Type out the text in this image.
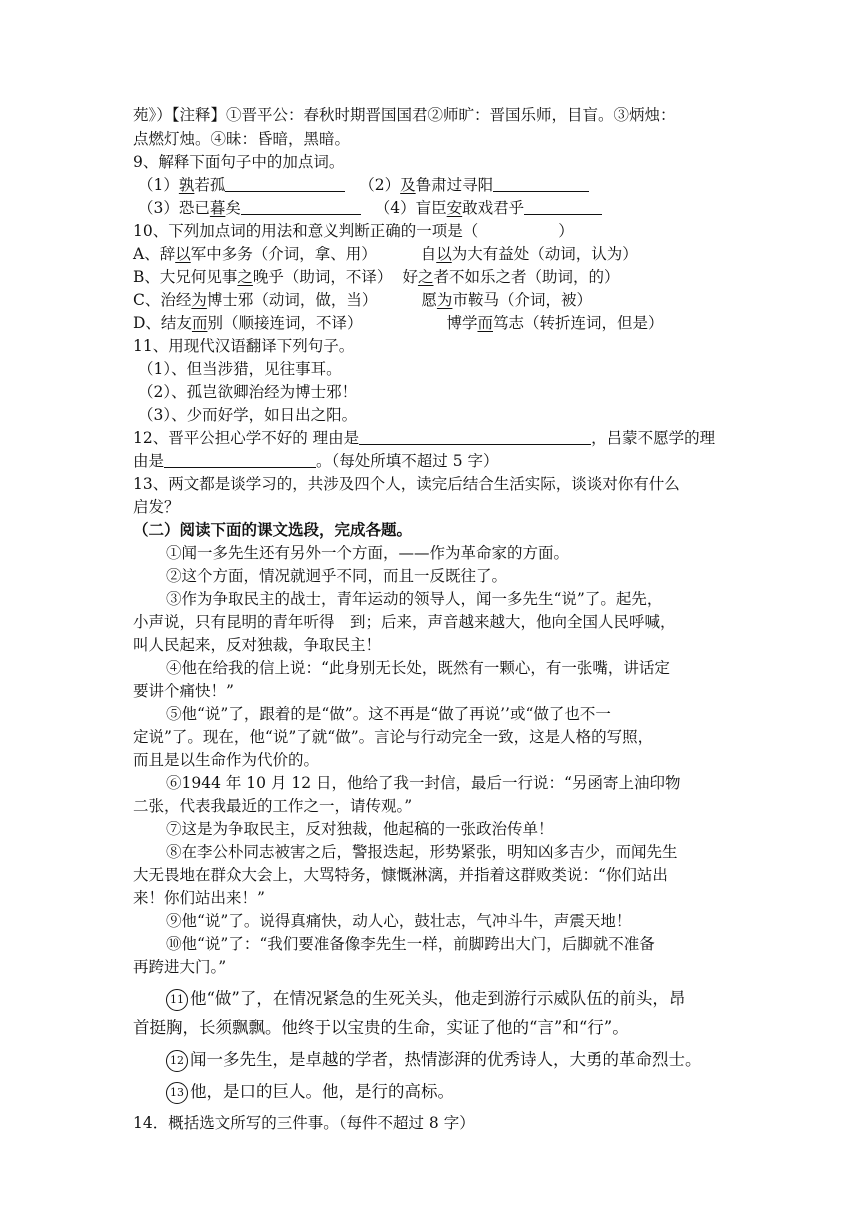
苑》）【注释】①晋平公：春秋时期晋国国君②师旷：晋国乐师，目盲。③炳烛：
点燃灯烛。④昧：昏暗，黑暗。
9、解释下面句子中的加点词。
（1）孰若孤	（2）及鲁肃过寻阳
（3）恐已暮矣	（4）盲臣安敢戏君乎
10、下列加点词的用法和意义判断正确的一项是（	）
A、辞以军中多务（介词，拿、用）	自以为大有益处（动词，认为）
B、大兄何见事之晚乎（助词，不译） 好之者不如乐之者（助词，的）
C、治经为博士邪（动词，做，当）	愿为市鞍马（介词，被）
D、结友而别（顺接连词，不译）	博学而笃志（转折连词，但是）
11、用现代汉语翻译下列句子。
（1）、但当涉猎，见往事耳。
（2）、孤岂欲卿治经为博士邪！
（3）、少而好学，如日出之阳。
12、晋平公担心学不好的 理由是	，吕蒙不愿学的理
由是	。（每处所填不超过 5 字）
13、两文都是谈学习的，共涉及四个人，读完后结合生活实际，谈谈对你有什么
启发？
（二）阅读下面的课文选段，完成各题。
①闻一多先生还有另外一个方面，——作为革命家的方面。
②这个方面，情况就迥乎不同，而且一反既往了。
③作为争取民主的战士，青年运动的领导人，闻一多先生“说”了。起先，
小声说，只有昆明的青年听得　到；后来，声音越来越大，他向全国人民呼喊，
叫人民起来，反对独裁，争取民主！
④他在给我的信上说：“此身别无长处，既然有一颗心，有一张嘴，讲话定
要讲个痛快！”
⑤他“说”了，跟着的是“做”。这不再是“做了再说’’或“做了也不一
定说”了。现在，他“说”了就“做”。言论与行动完全一致，这是人格的写照，
而且是以生命作为代价的。
⑥1944 年 10 月 12 日，他给了我一封信，最后一行说：“另函寄上油印物
二张，代表我最近的工作之一，请传观。”
⑦这是为争取民主，反对独裁，他起稿的一张政治传单！
⑧在李公朴同志被害之后，警报迭起，形势紧张，明知凶多吉少，而闻先生
大无畏地在群众大会上，大骂特务，慷慨淋漓，并指着这群败类说：“你们站出
来！你们站出来！”
⑨他“说”了。说得真痛快，动人心，鼓壮志，气冲斗牛，声震天地！
⑩他“说”了：“我们要准备像李先生一样，前脚跨出大门，后脚就不准备
再跨进大门。”
11 他“做”了，在情况紧急的生死关头，他走到游行示威队伍的前头，昂
首挺胸，长须飘飘。他终于以宝贵的生命，实证了他的“言”和“行”。
12 闻一多先生，是卓越的学者，热情澎湃的优秀诗人，大勇的革命烈士。
13 他，是口的巨人。他，是行的高标。
14．概括选文所写的三件事。（每件不超过 8 字）
